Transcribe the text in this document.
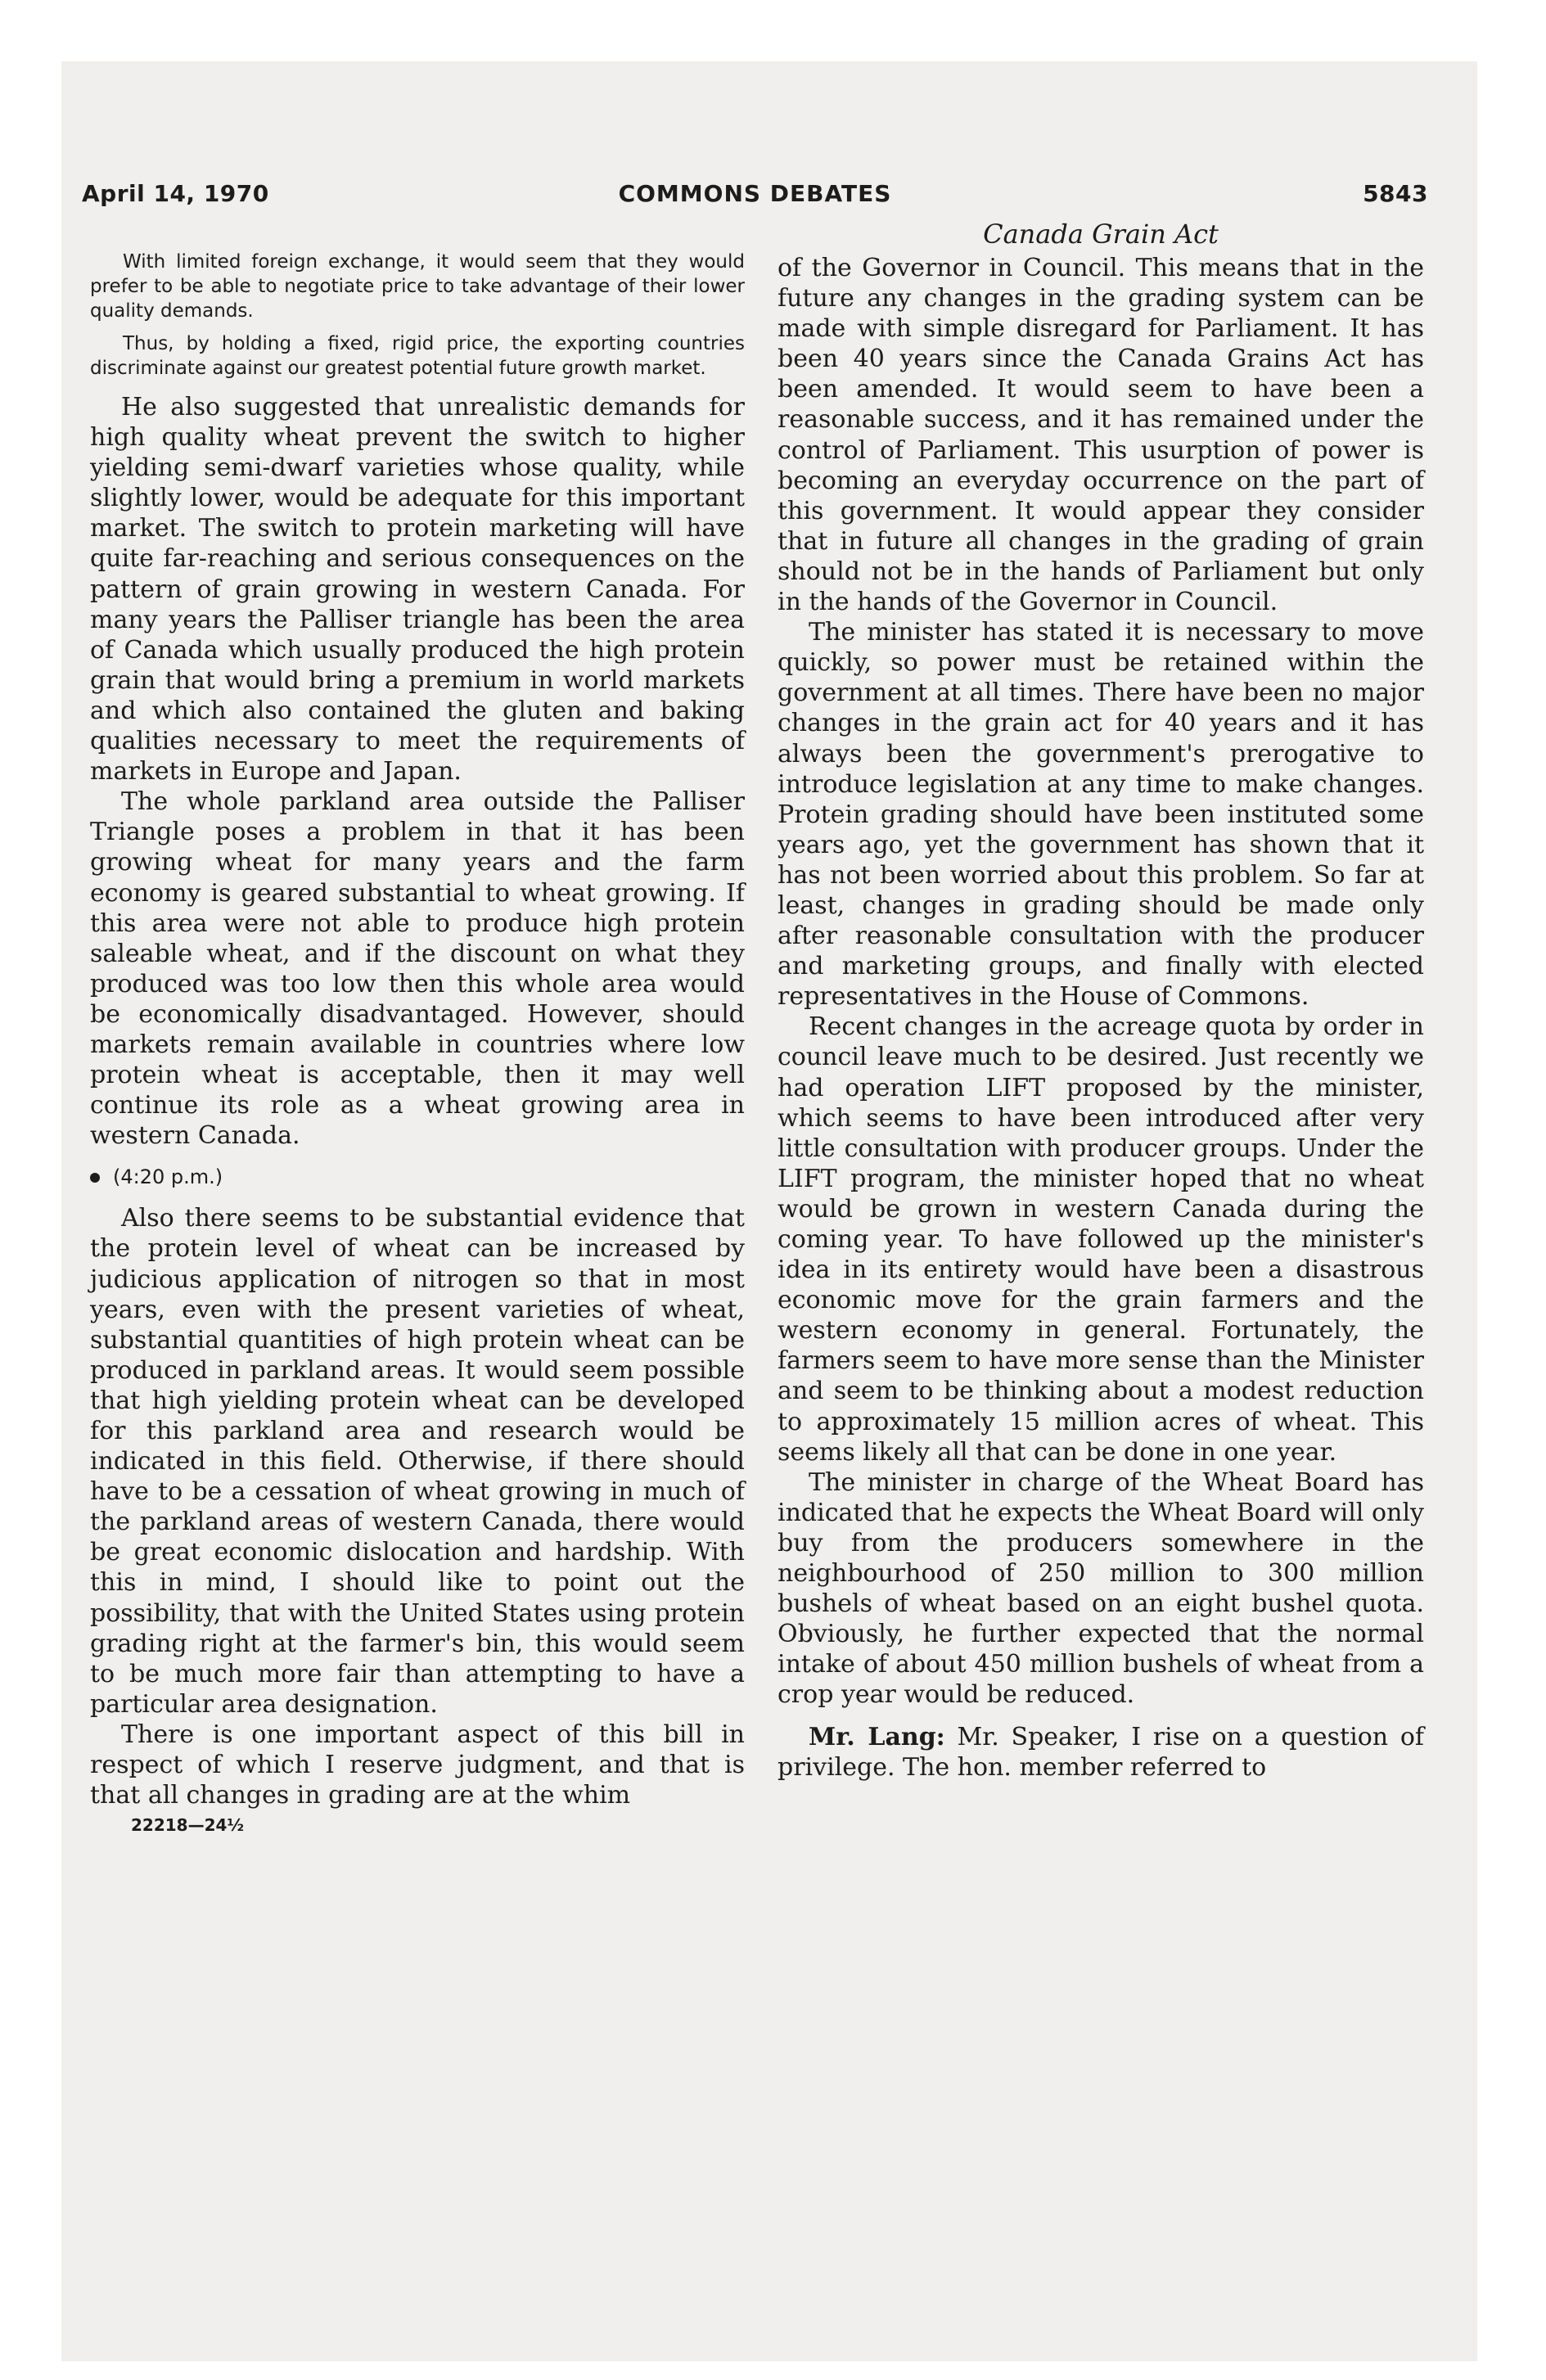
April 14, 1970	COMMONS DEBATES	5843

With limited foreign exchange, it would seem that they would prefer to be able to negotiate price to take advantage of their lower quality demands.

Thus, by holding a fixed, rigid price, the exporting countries discriminate against our greatest potential future growth market.

He also suggested that unrealistic demands for high quality wheat prevent the switch to higher yielding semi-dwarf varieties whose quality, while slightly lower, would be adequate for this important market. The switch to protein marketing will have quite far-reaching and serious consequences on the pattern of grain growing in western Canada. For many years the Palliser triangle has been the area of Canada which usually produced the high protein grain that would bring a premium in world markets and which also contained the gluten and baking qualities necessary to meet the requirements of markets in Europe and Japan.

The whole parkland area outside the Palliser Triangle poses a problem in that it has been growing wheat for many years and the farm economy is geared substantial to wheat growing. If this area were not able to produce high protein saleable wheat, and if the discount on what they produced was too low then this whole area would be economically disadvantaged. However, should markets remain available in countries where low protein wheat is acceptable, then it may well continue its role as a wheat growing area in western Canada.

(4:20 p.m.)

Also there seems to be substantial evidence that the protein level of wheat can be increased by judicious application of nitrogen so that in most years, even with the present varieties of wheat, substantial quantities of high protein wheat can be produced in parkland areas. It would seem possible that high yielding protein wheat can be developed for this parkland area and research would be indicated in this field. Otherwise, if there should have to be a cessation of wheat growing in much of the parkland areas of western Canada, there would be great economic dislocation and hardship. With this in mind, I should like to point out the possibility, that with the United States using protein grading right at the farmer's bin, this would seem to be much more fair than attempting to have a particular area designation.

There is one important aspect of this bill in respect of which I reserve judgment, and that is that all changes in grading are at the whim

22218—24½
Canada Grain Act

of the Governor in Council. This means that in the future any changes in the grading system can be made with simple disregard for Parliament. It has been 40 years since the Canada Grains Act has been amended. It would seem to have been a reasonable success, and it has remained under the control of Parliament. This usurption of power is becoming an everyday occurrence on the part of this government. It would appear they consider that in future all changes in the grading of grain should not be in the hands of Parliament but only in the hands of the Governor in Council.

The minister has stated it is necessary to move quickly, so power must be retained within the government at all times. There have been no major changes in the grain act for 40 years and it has always been the government's prerogative to introduce legislation at any time to make changes. Protein grading should have been instituted some years ago, yet the government has shown that it has not been worried about this problem. So far at least, changes in grading should be made only after reasonable consultation with the producer and marketing groups, and finally with elected representatives in the House of Commons.

Recent changes in the acreage quota by order in council leave much to be desired. Just recently we had operation LIFT proposed by the minister, which seems to have been introduced after very little consultation with producer groups. Under the LIFT program, the minister hoped that no wheat would be grown in western Canada during the coming year. To have followed up the minister's idea in its entirety would have been a disastrous economic move for the grain farmers and the western economy in general. Fortunately, the farmers seem to have more sense than the Minister and seem to be thinking about a modest reduction to approximately 15 million acres of wheat. This seems likely all that can be done in one year.

The minister in charge of the Wheat Board has indicated that he expects the Wheat Board will only buy from the producers somewhere in the neighbourhood of 250 million to 300 million bushels of wheat based on an eight bushel quota. Obviously, he further expected that the normal intake of about 450 million bushels of wheat from a crop year would be reduced.

Mr. Lang: Mr. Speaker, I rise on a question of privilege. The hon. member referred to
